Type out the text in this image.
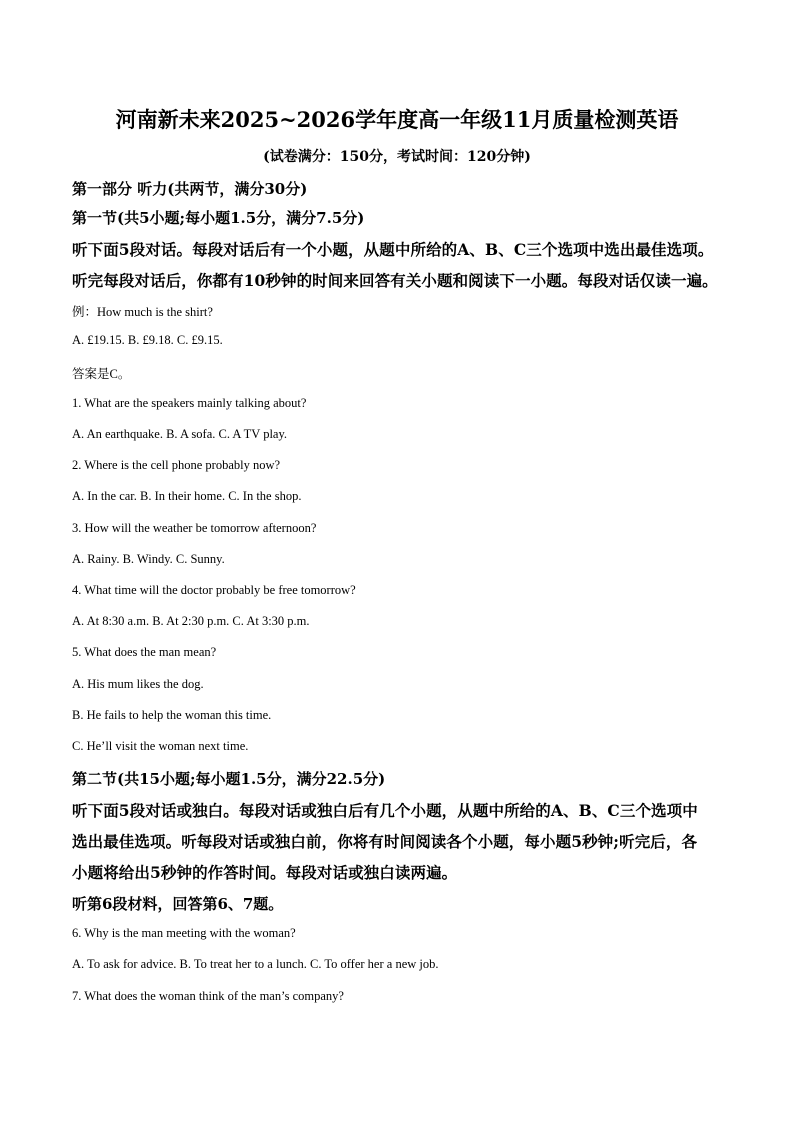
河南新未来2025~2026学年度高一年级11月质量检测英语
(试卷满分：150分，考试时间：120分钟)
第一部分 听力(共两节，满分30分)
第一节(共5小题;每小题1.5分，满分7.5分)
听下面5段对话。每段对话后有一个小题，从题中所给的A、B、C三个选项中选出最佳选项。
听完每段对话后，你都有10秒钟的时间来回答有关小题和阅读下一小题。每段对话仅读一遍。
例：How much is the shirt?
A. £19.15. B. £9.18. C. £9.15.
答案是C。
1. What are the speakers mainly talking about?
A. An earthquake. B. A sofa. C. A TV play.
2. Where is the cell phone probably now?
A. In the car. B. In their home. C. In the shop.
3. How will the weather be tomorrow afternoon?
A. Rainy. B. Windy. C. Sunny.
4. What time will the doctor probably be free tomorrow?
A. At 8:30 a.m. B. At 2:30 p.m. C. At 3:30 p.m.
5. What does the man mean?
A. His mum likes the dog.
B. He fails to help the woman this time.
C. He’ll visit the woman next time.
第二节(共15小题;每小题1.5分，满分22.5分)
听下面5段对话或独白。每段对话或独白后有几个小题，从题中所给的A、B、C三个选项中
选出最佳选项。听每段对话或独白前，你将有时间阅读各个小题，每小题5秒钟;听完后，各
小题将给出5秒钟的作答时间。每段对话或独白读两遍。
听第6段材料，回答第6、7题。
6. Why is the man meeting with the woman?
A. To ask for advice. B. To treat her to a lunch. C. To offer her a new job.
7. What does the woman think of the man’s company?
